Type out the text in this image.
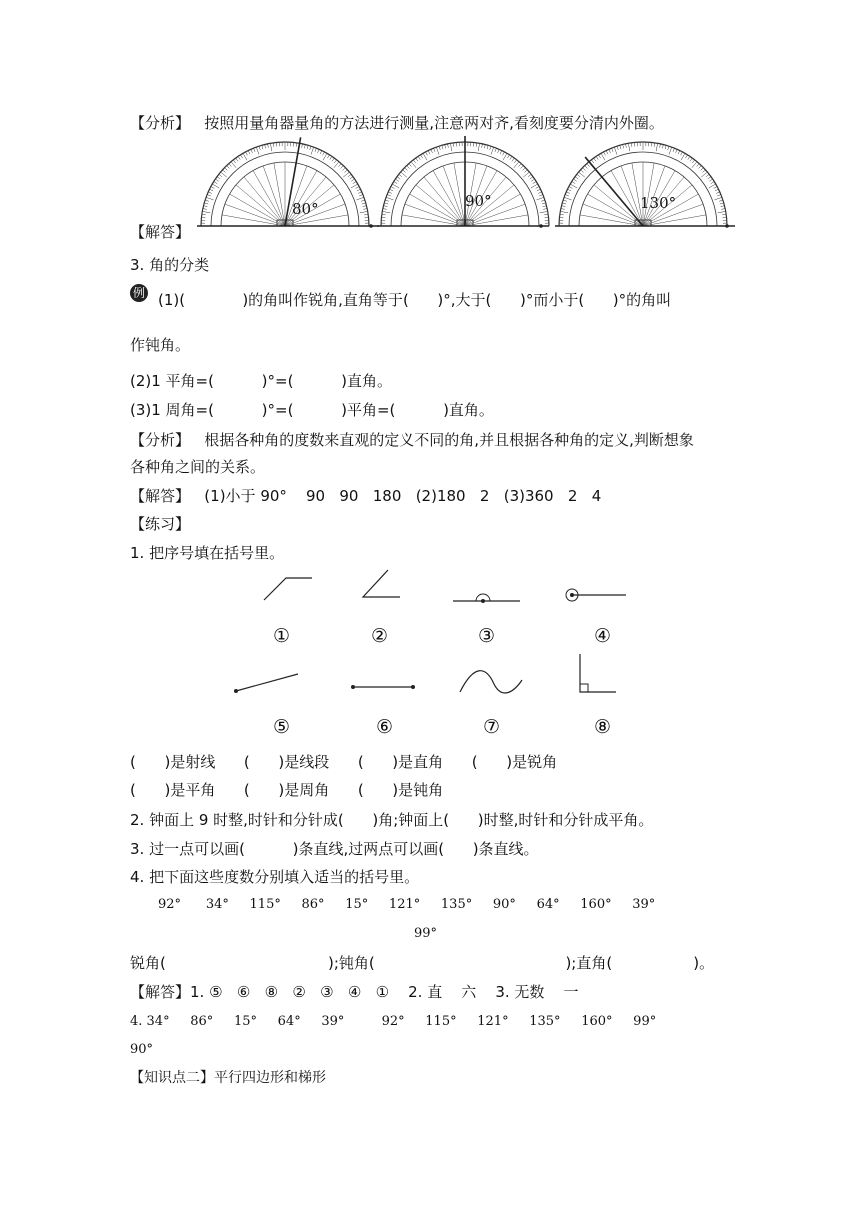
【分析】   按照用量角器量角的方法进行测量,注意两对齐,看刻度要分清内外圈。
80°	90°	130°
【解答】
3. 角的分类
例 (1)(            )的角叫作锐角,直角等于(      )°,大于(      )°而小于(      )°的角叫
作钝角。
(2)1 平角=(          )°=(          )直角。
(3)1 周角=(          )°=(          )平角=(          )直角。
【分析】   根据各种角的度数来直观的定义不同的角,并且根据各种角的定义,判断想象
各种角之间的关系。
【解答】   (1)小于 90°    90   90   180   (2)180   2   (3)360   2   4
【练习】
1. 把序号填在括号里。
①	②	③	④
⑤	⑥	⑦	⑧
(      )是射线      (      )是线段      (      )是直角      (      )是锐角
(      )是平角      (      )是周角      (      )是钝角
2. 钟面上 9 时整,时针和分针成(      )角;钟面上(      )时整,时针和分针成平角。
3. 过一点可以画(          )条直线,过两点可以画(      )条直线。
4. 把下面这些度数分别填入适当的括号里。
92°      34°     115°     86°     15°     121°     135°     90°     64°     160°     39°
99°
锐角(                                  );钝角(                                        );直角(                 )。
【解答】1. ⑤   ⑥   ⑧   ②   ③   ④   ①    2. 直    六    3. 无数    一
4. 34°     86°     15°     64°     39°         92°     115°     121°     135°     160°     99°
90°
【知识点二】平行四边形和梯形
